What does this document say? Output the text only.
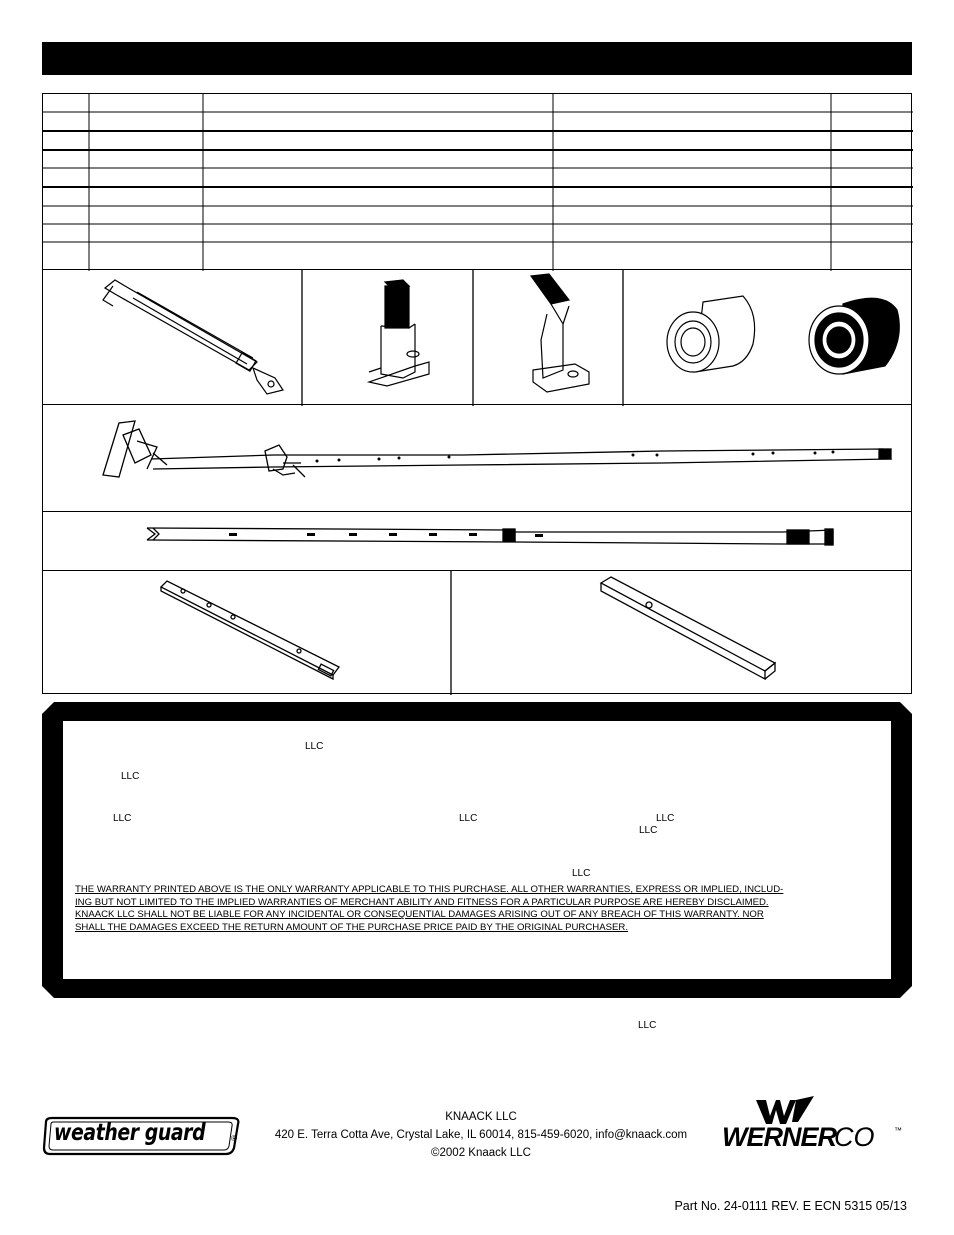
LLC
LLC
LLC	LLC	LLC
LLC
LLC
THE WARRANTY PRINTED ABOVE IS THE ONLY WARRANTY APPLICABLE TO THIS PURCHASE. ALL OTHER WARRANTIES, EXPRESS OR IMPLIED, INCLUD-
ING BUT NOT LIMITED TO THE IMPLIED WARRANTIES OF MERCHANT ABILITY AND FITNESS FOR A PARTICULAR PURPOSE ARE HEREBY DISCLAIMED.
KNAACK LLC SHALL NOT BE LIABLE FOR ANY INCIDENTAL OR CONSEQUENTIAL DAMAGES ARISING OUT OF ANY BREACH OF THIS WARRANTY. NOR
SHALL THE DAMAGES EXCEED THE RETURN AMOUNT OF THE PURCHASE PRICE PAID BY THE ORIGINAL PURCHASER.
LLC
weather guard	®
KNAACK LLC
420 E. Terra Cotta Ave, Crystal Lake, IL 60014, 815-459-6020, info@knaack.com
©2002 Knaack LLC
WERNER
CO ™
Part No. 24-0111 REV. E ECN 5315 05/13
